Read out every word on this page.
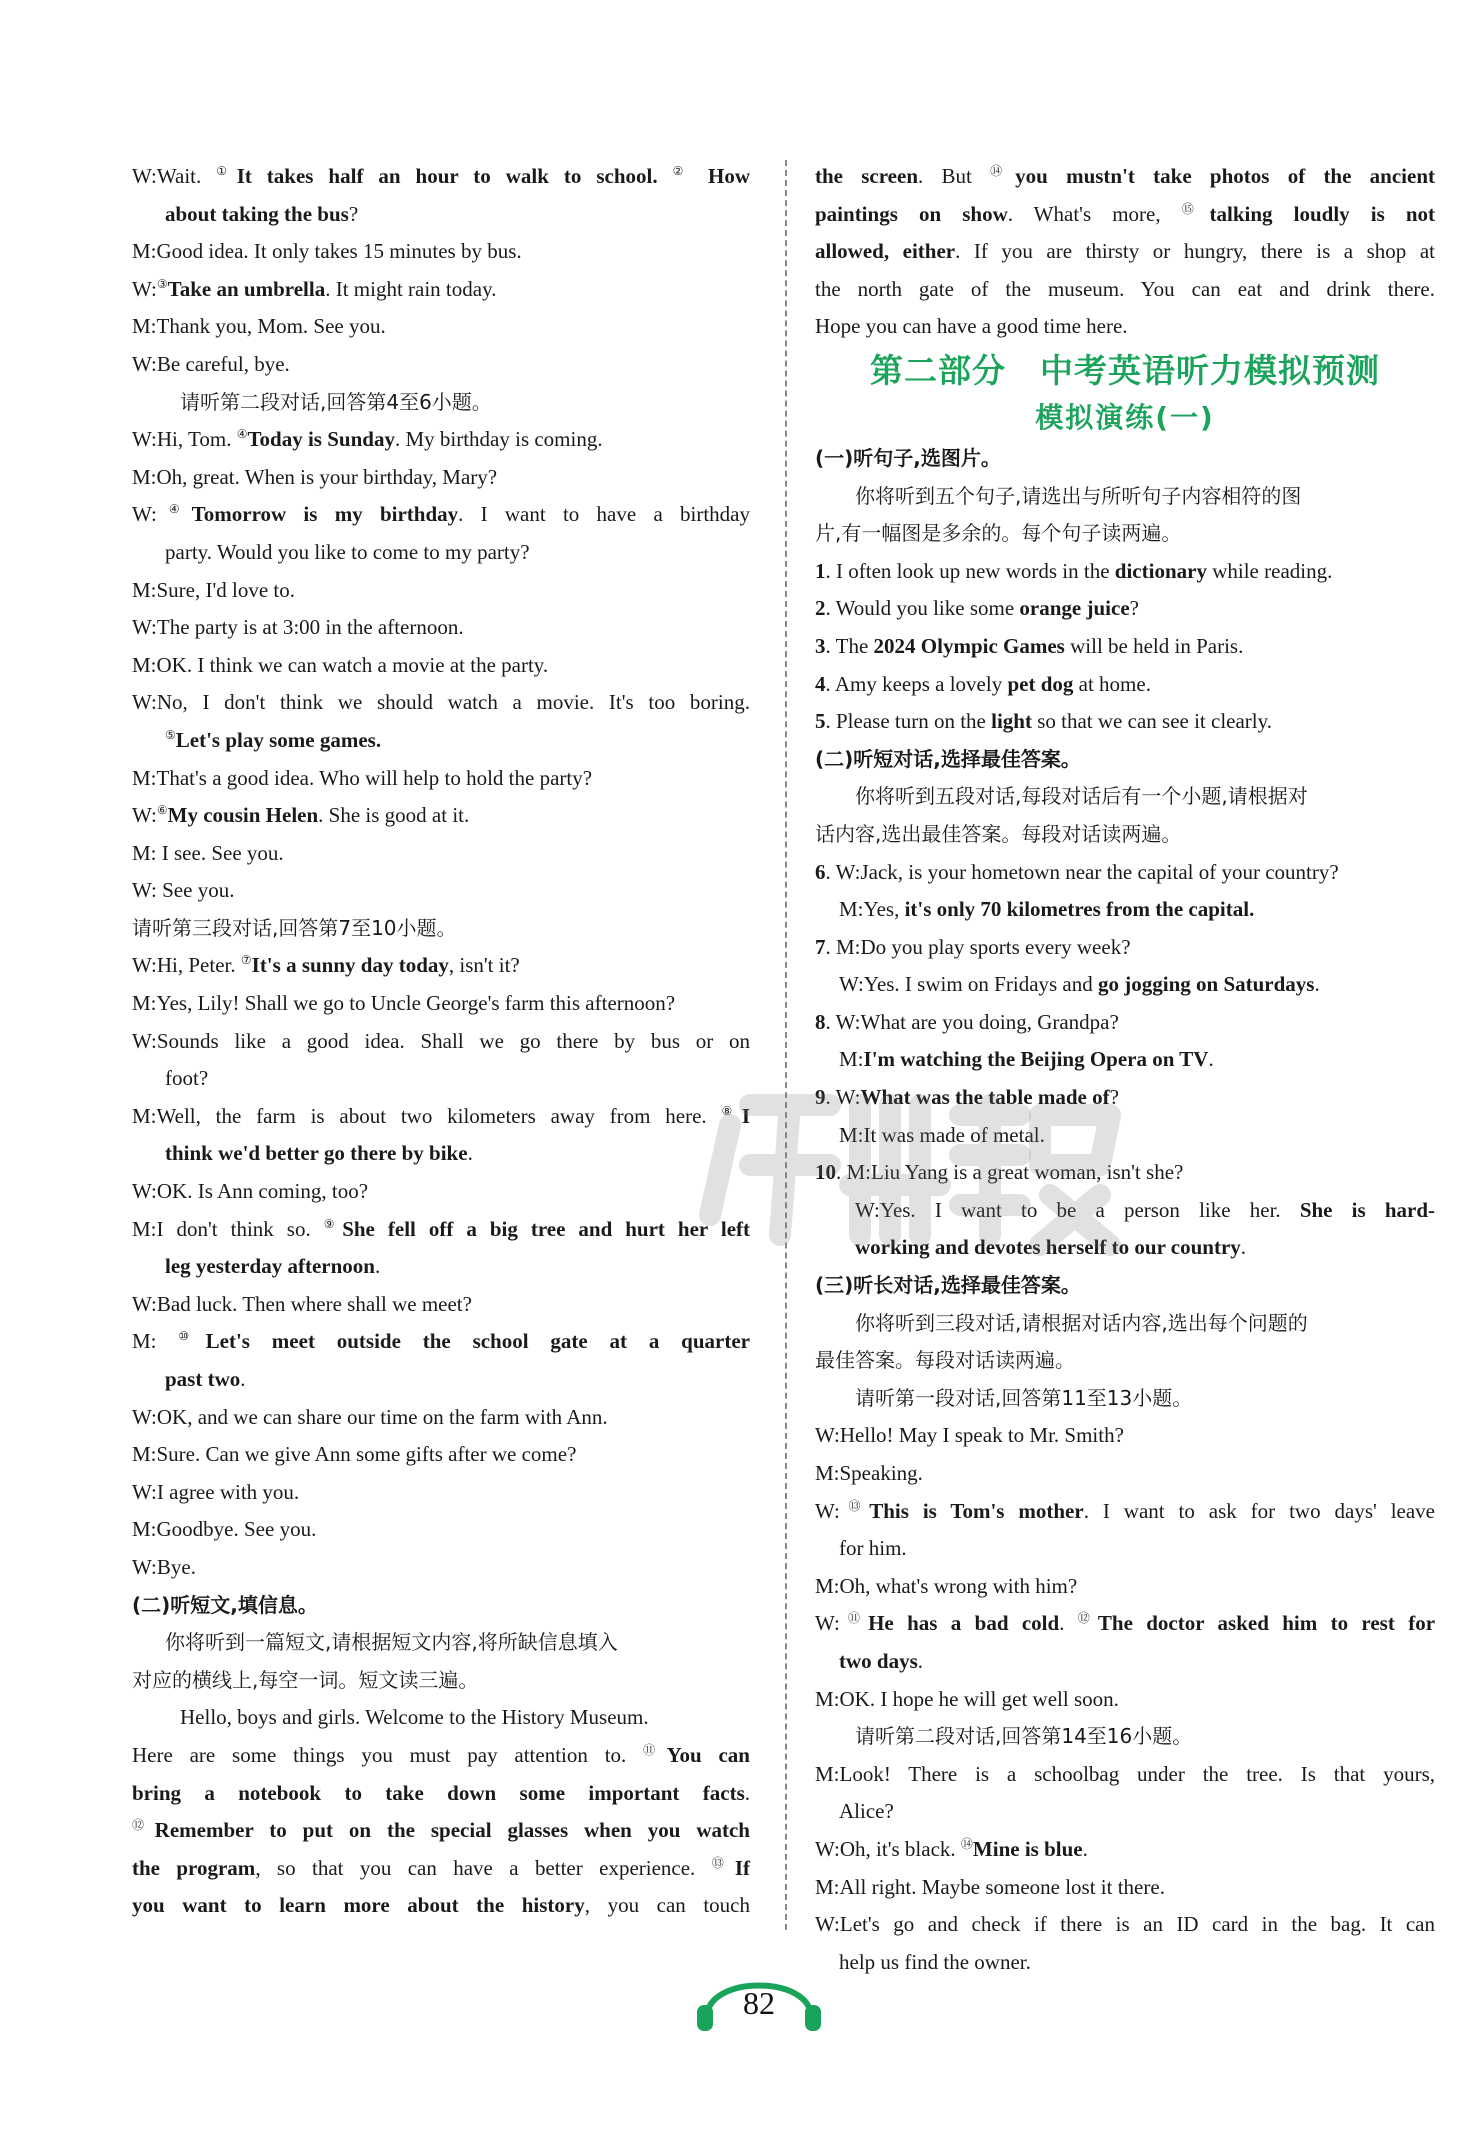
W:Wait. ①It takes half an hour to walk to school. ② How
about taking the bus?
M:Good idea. It only takes 15 minutes by bus.
W:③Take an umbrella. It might rain today.
M:Thank you, Mom. See you.
W:Be careful, bye.
请听第二段对话,回答第4至6小题。
W:Hi, Tom. ④Today is Sunday. My birthday is coming.
M:Oh, great. When is your birthday, Mary?
W:④Tomorrow is my birthday. I want to have a birthday
party. Would you like to come to my party?
M:Sure, I'd love to.
W:The party is at 3:00 in the afternoon.
M:OK. I think we can watch a movie at the party.
W:No, I don't think we should watch a movie. It's too boring.
⑤Let's play some games.
M:That's a good idea. Who will help to hold the party?
W:⑥My cousin Helen. She is good at it.
M: I see. See you.
W: See you.
请听第三段对话,回答第7至10小题。
W:Hi, Peter. ⑦It's a sunny day today, isn't it?
M:Yes, Lily! Shall we go to Uncle George's farm this afternoon?
W:Sounds like a good idea. Shall we go there by bus or on
foot?
M:Well, the farm is about two kilometers away from here. ⑧I
think we'd better go there by bike.
W:OK. Is Ann coming, too?
M:I don't think so. ⑨She fell off a big tree and hurt her left
leg yesterday afternoon.
W:Bad luck. Then where shall we meet?
M: ⑩Let's meet outside the school gate at a quarter
past two.
W:OK, and we can share our time on the farm with Ann.
M:Sure. Can we give Ann some gifts after we come?
W:I agree with you.
M:Goodbye. See you.
W:Bye.
(二)听短文,填信息。
你将听到一篇短文,请根据短文内容,将所缺信息填入
对应的横线上,每空一词。短文读三遍。
Hello, boys and girls. Welcome to the History Museum.
Here are some things you must pay attention to. ⑪You can
bring a notebook to take down some important facts.
⑫Remember to put on the special glasses when you watch
the program, so that you can have a better experience. ⑬If
you want to learn more about the history, you can touch
the screen. But ⑭you mustn't take photos of the ancient
paintings on show. What's more, ⑮talking loudly is not
allowed, either. If you are thirsty or hungry, there is a shop at
the north gate of the museum. You can eat and drink there.
Hope you can have a good time here.
第二部分　中考英语听力模拟预测
模拟演练(一)
(一)听句子,选图片。
你将听到五个句子,请选出与所听句子内容相符的图
片,有一幅图是多余的。每个句子读两遍。
1. I often look up new words in the dictionary while reading.
2. Would you like some orange juice?
3. The 2024 Olympic Games will be held in Paris.
4. Amy keeps a lovely pet dog at home.
5. Please turn on the light so that we can see it clearly.
(二)听短对话,选择最佳答案。
你将听到五段对话,每段对话后有一个小题,请根据对
话内容,选出最佳答案。每段对话读两遍。
6. W:Jack, is your hometown near the capital of your country?
M:Yes, it's only 70 kilometres from the capital.
7. M:Do you play sports every week?
W:Yes. I swim on Fridays and go jogging on Saturdays.
8. W:What are you doing, Grandpa?
M:I'm watching the Beijing Opera on TV.
9. W:What was the table made of?
M:It was made of metal.
10. M:Liu Yang is a great woman, isn't she?
W:Yes. I want to be a person like her. She is hard-
working and devotes herself to our country.
(三)听长对话,选择最佳答案。
你将听到三段对话,请根据对话内容,选出每个问题的
最佳答案。每段对话读两遍。
请听第一段对话,回答第11至13小题。
W:Hello! May I speak to Mr. Smith?
M:Speaking.
W:⑬This is Tom's mother. I want to ask for two days' leave
for him.
M:Oh, what's wrong with him?
W:⑪He has a bad cold. ⑫The doctor asked him to rest for
two days.
M:OK. I hope he will get well soon.
请听第二段对话,回答第14至16小题。
M:Look! There is a schoolbag under the tree. Is that yours,
Alice?
W:Oh, it's black. ⑭Mine is blue.
M:All right. Maybe someone lost it there.
W:Let's go and check if there is an ID card in the bag. It can
help us find the owner.
82
